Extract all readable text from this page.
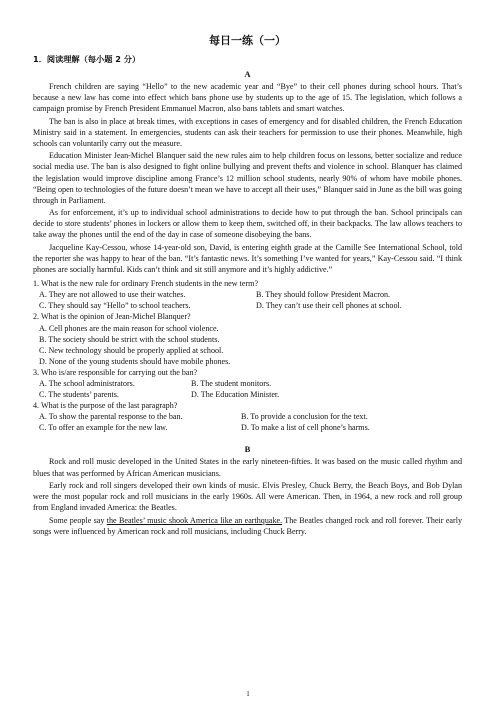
每日一练（一）
1．阅读理解（每小题 2 分）
A

French children are saying “Hello” to the new academic year and “Bye” to their cell phones during school hours. That’s because a new law has come into effect which bans phone use by students up to the age of 15. The legislation, which follows a campaign promise by French President Emmanuel Macron, also bans tablets and smart watches.

The ban is also in place at break times, with exceptions in cases of emergency and for disabled children, the French Education Ministry said in a statement. In emergencies, students can ask their teachers for permission to use their phones. Meanwhile, high schools can voluntarily carry out the measure.

Education Minister Jean-Michel Blanquer said the new rules aim to help children focus on lessons, better socialize and reduce social media use. The ban is also designed to fight online bullying and prevent thefts and violence in school. Blanquer has claimed the legislation would improve discipline among France’s 12 million school students, nearly 90% of whom have mobile phones. “Being open to technologies of the future doesn’t mean we have to accept all their uses,” Blanquer said in June as the bill was going through in Parliament.

As for enforcement, it’s up to individual school administrations to decide how to put through the ban. School principals can decide to store students’ phones in lockers or allow them to keep them, switched off, in their backpacks. The law allows teachers to take away the phones until the end of the day in case of someone disobeying the bans.

Jacqueline Kay-Cessou, whose 14-year-old son, David, is entering eighth grade at the Camille See International School, told the reporter she was happy to hear of the ban. “It’s fantastic news. It’s something I’ve wanted for years,” Kay-Cessou said. “I think phones are socially harmful. Kids can’t think and sit still anymore and it’s highly addictive.”

1. What is the new rule for ordinary French students in the new term?

A. They are not allowed to use their watches.	B. They should follow President Macron.
C. They should say “Hello” to school teachers.	D. They can’t use their cell phones at school.

2. What is the opinion of Jean-Michel Blanquer?

A. Cell phones are the main reason for school violence.
B. The society should be strict with the school students.
C. New technology should be properly applied at school.
D. None of the young students should have mobile phones.

3. Who is/are responsible for carrying out the ban?

A. The school administrators.	B. The student monitors.
C. The students’ parents.	D. The Education Minister.

4. What is the purpose of the last paragraph?

A. To show the parental response to the ban.	B. To provide a conclusion for the text.
C. To offer an example for the new law.	D. To make a list of cell phone’s harms.
B

Rock and roll music developed in the United States in the early nineteen-fifties. It was based on the music called rhythm and blues that was performed by African American musicians.

Early rock and roll singers developed their own kinds of music. Elvis Presley, Chuck Berry, the Beach Boys, and Bob Dylan were the most popular rock and roll musicians in the early 1960s. All were American. Then, in 1964, a new rock and roll group from England invaded America: the Beatles.

Some people say the Beatles’ music shook America like an earthquake. The Beatles changed rock and roll forever. Their early songs were influenced by American rock and roll musicians, including Chuck Berry.

1
